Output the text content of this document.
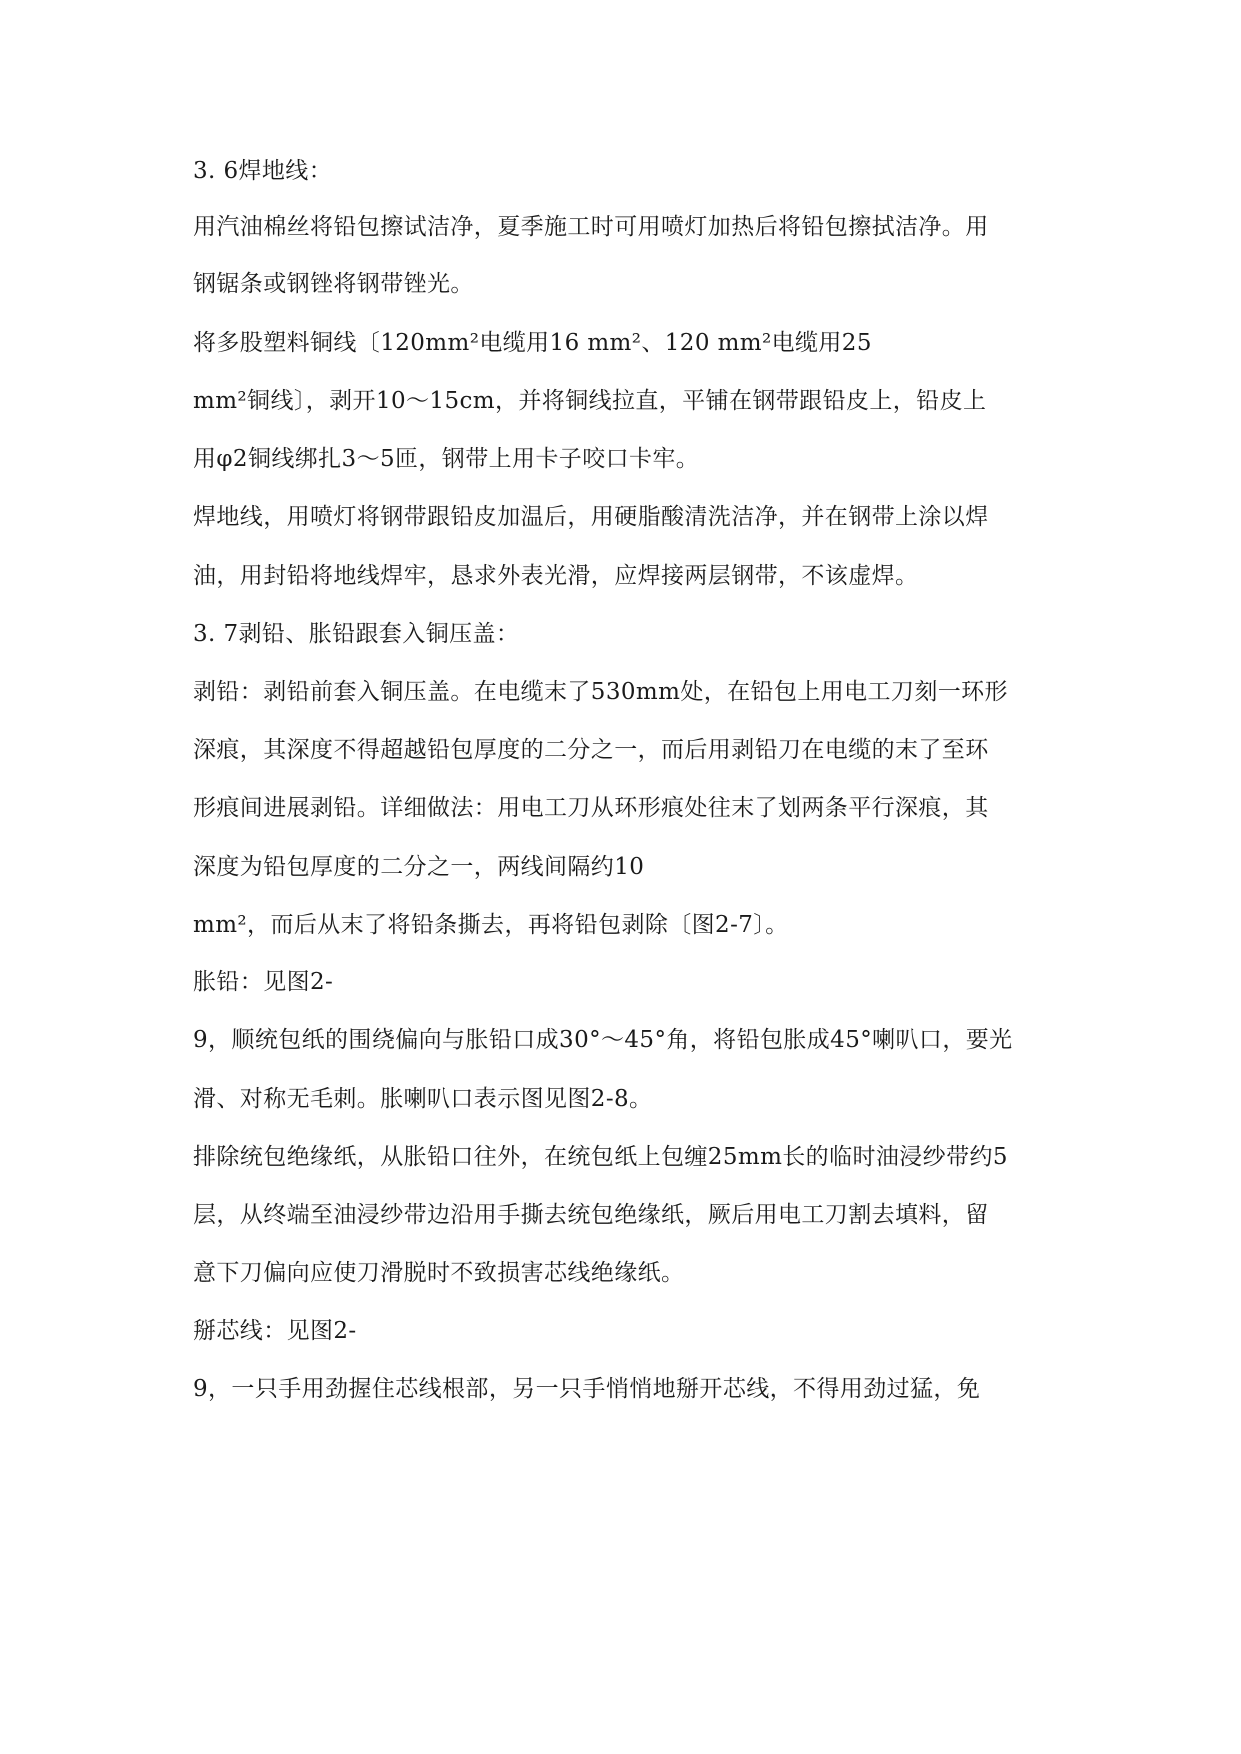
3. 6焊地线：
用汽油棉丝将铅包擦试洁净，夏季施工时可用喷灯加热后将铅包擦拭洁净。用
钢锯条或钢锉将钢带锉光。
将多股塑料铜线〔120mm²电缆用16 mm²、120 mm²电缆用25
mm²铜线〕，剥开10～15cm，并将铜线拉直，平铺在钢带跟铅皮上，铅皮上
用φ2铜线绑扎3～5匝，钢带上用卡子咬口卡牢。
焊地线，用喷灯将钢带跟铅皮加温后，用硬脂酸清洗洁净，并在钢带上涂以焊
油，用封铅将地线焊牢，恳求外表光滑，应焊接两层钢带，不该虚焊。
3. 7剥铅、胀铅跟套入铜压盖：
剥铅：剥铅前套入铜压盖。在电缆末了530mm处，在铅包上用电工刀刻一环形
深痕，其深度不得超越铅包厚度的二分之一，而后用剥铅刀在电缆的末了至环
形痕间进展剥铅。详细做法：用电工刀从环形痕处往末了划两条平行深痕，其
深度为铅包厚度的二分之一，两线间隔约10
mm²，而后从末了将铅条撕去，再将铅包剥除〔图2-7〕。
胀铅：见图2-
9，顺统包纸的围绕偏向与胀铅口成30°～45°角，将铅包胀成45°喇叭口，要光
滑、对称无毛刺。胀喇叭口表示图见图2-8。
排除统包绝缘纸，从胀铅口往外，在统包纸上包缠25mm长的临时油浸纱带约5
层，从终端至油浸纱带边沿用手撕去统包绝缘纸，厥后用电工刀割去填料，留
意下刀偏向应使刀滑脱时不致损害芯线绝缘纸。
掰芯线：见图2-
9，一只手用劲握住芯线根部，另一只手悄悄地掰开芯线，不得用劲过猛，免
